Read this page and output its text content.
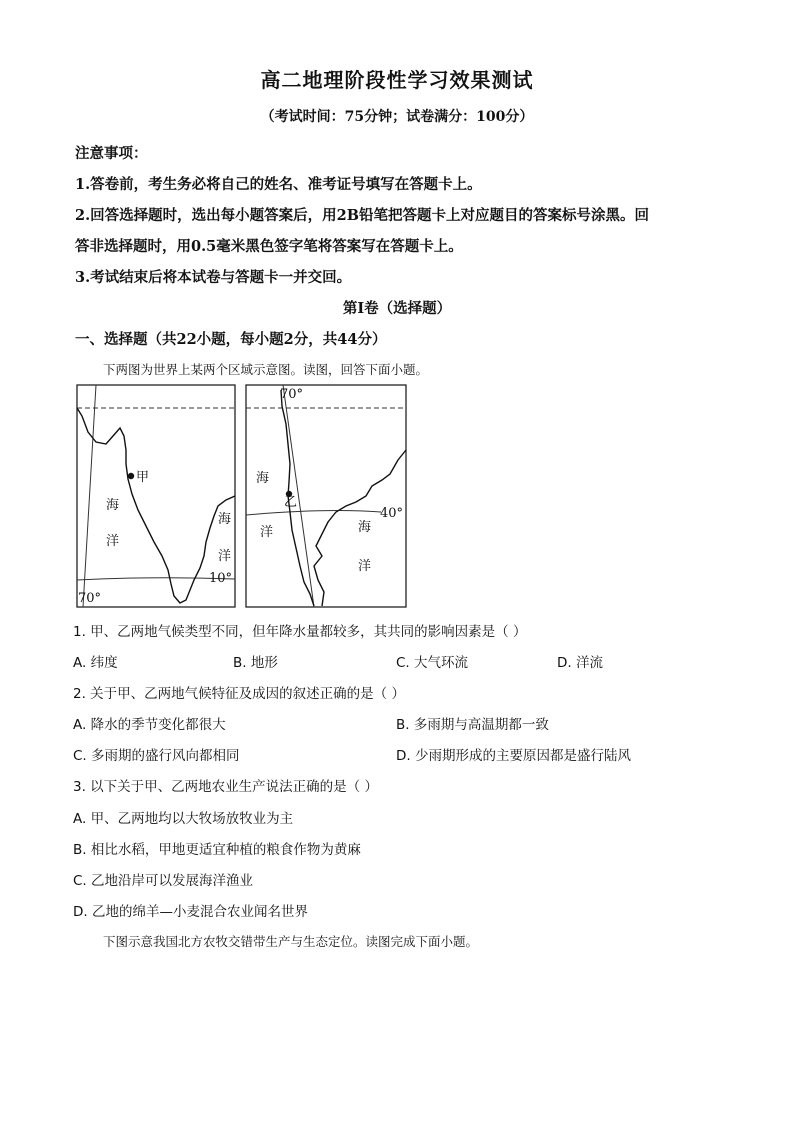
高二地理阶段性学习效果测试
（考试时间：75分钟；试卷满分：100分）
注意事项：
1.答卷前，考生务必将自己的姓名、准考证号填写在答题卡上。
2.回答选择题时，选出每小题答案后，用2B铅笔把答题卡上对应题目的答案标号涂黑。回
答非选择题时，用0.5毫米黑色签字笔将答案写在答题卡上。
3.考试结束后将本试卷与答题卡一并交回。
第I卷（选择题）
一、选择题（共22小题，每小题2分，共44分）
下两图为世界上某两个区域示意图。读图，回答下面小题。
甲
海
洋
海
洋
10°
70°
乙
海
洋	海
洋
70°
40°
1. 甲、乙两地气候类型不同，但年降水量都较多，其共同的影响因素是（ ）
A. 纬度	B. 地形	C. 大气环流	D. 洋流
2. 关于甲、乙两地气候特征及成因的叙述正确的是（ ）
A. 降水的季节变化都很大	B. 多雨期与高温期都一致
C. 多雨期的盛行风向都相同	D. 少雨期形成的主要原因都是盛行陆风
3. 以下关于甲、乙两地农业生产说法正确的是（ ）
A. 甲、乙两地均以大牧场放牧业为主
B. 相比水稻，甲地更适宜种植的粮食作物为黄麻
C. 乙地沿岸可以发展海洋渔业
D. 乙地的绵羊—小麦混合农业闻名世界
下图示意我国北方农牧交错带生产与生态定位。读图完成下面小题。
